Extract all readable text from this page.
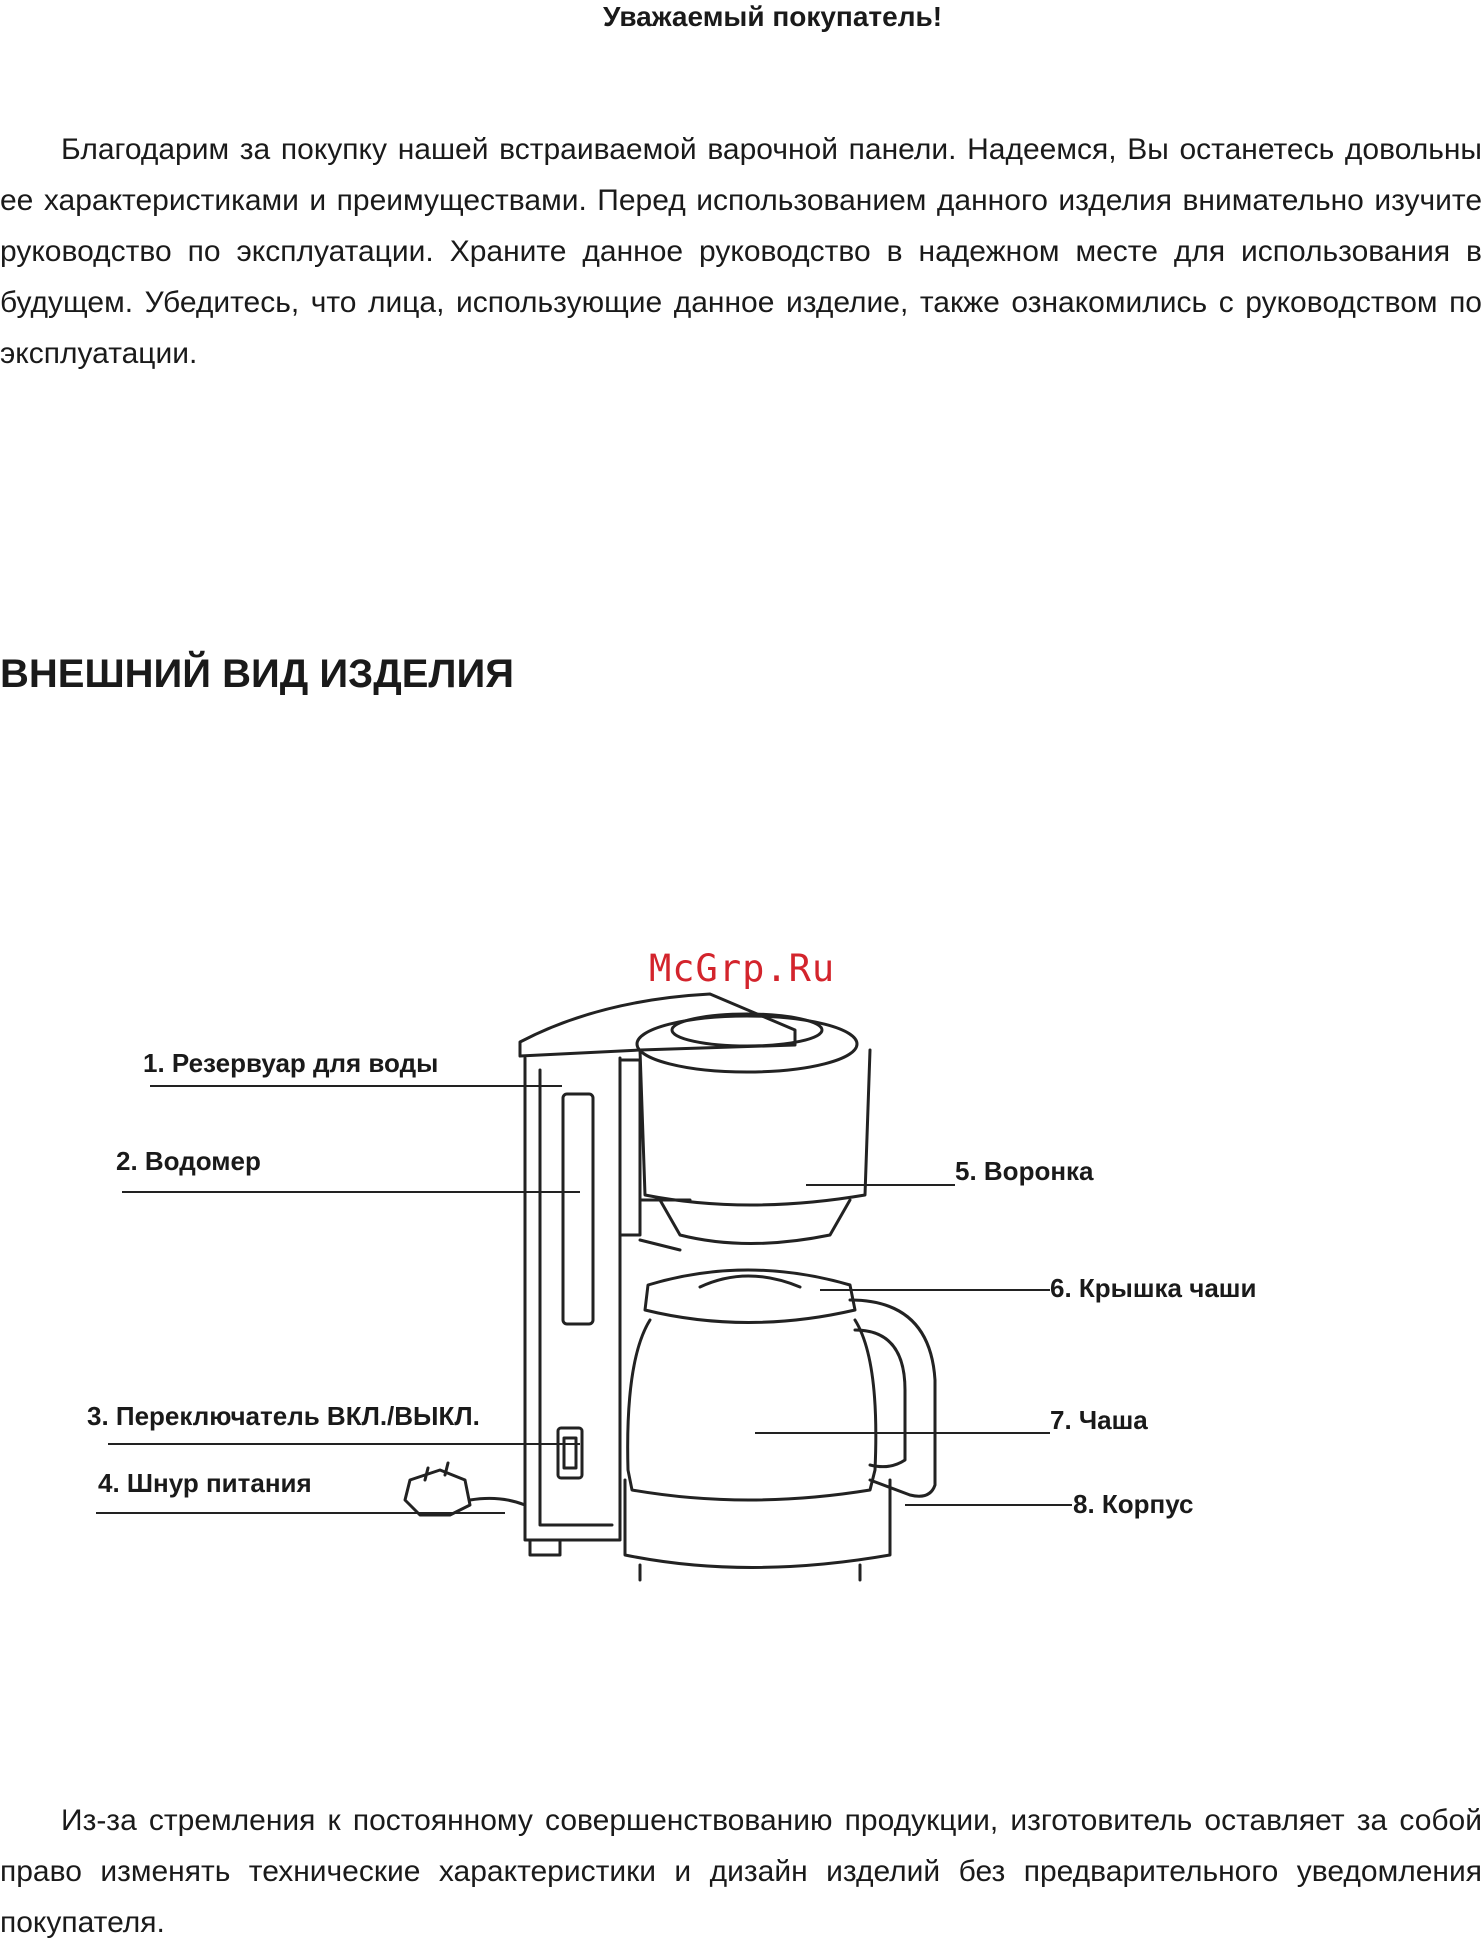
Уважаемый покупатель!

Благодарим за покупку нашей встраиваемой варочной панели. Надеемся, Вы останетесь довольны ее характеристиками и преимуществами. Перед использованием данного изделия внимательно изучите руководство по эксплуатации. Храните данное руководство в надежном месте для использования в будущем. Убедитесь, что лица, использующие данное изделие, также ознакомились с руководством по эксплуатации.

ВНЕШНИЙ ВИД ИЗДЕЛИЯ
McGrp.Ru
1. Резервуар для воды
2. Водомер
3. Переключатель ВКЛ./ВЫКЛ.
4. Шнур питания
5. Воронка
6. Крышка чаши
7. Чаша
8. Корпус

Из-за стремления к постоянному совершенствованию продукции, изготовитель оставляет за собой право изменять технические характеристики и дизайн изделий без предварительного уведомления покупателя.
